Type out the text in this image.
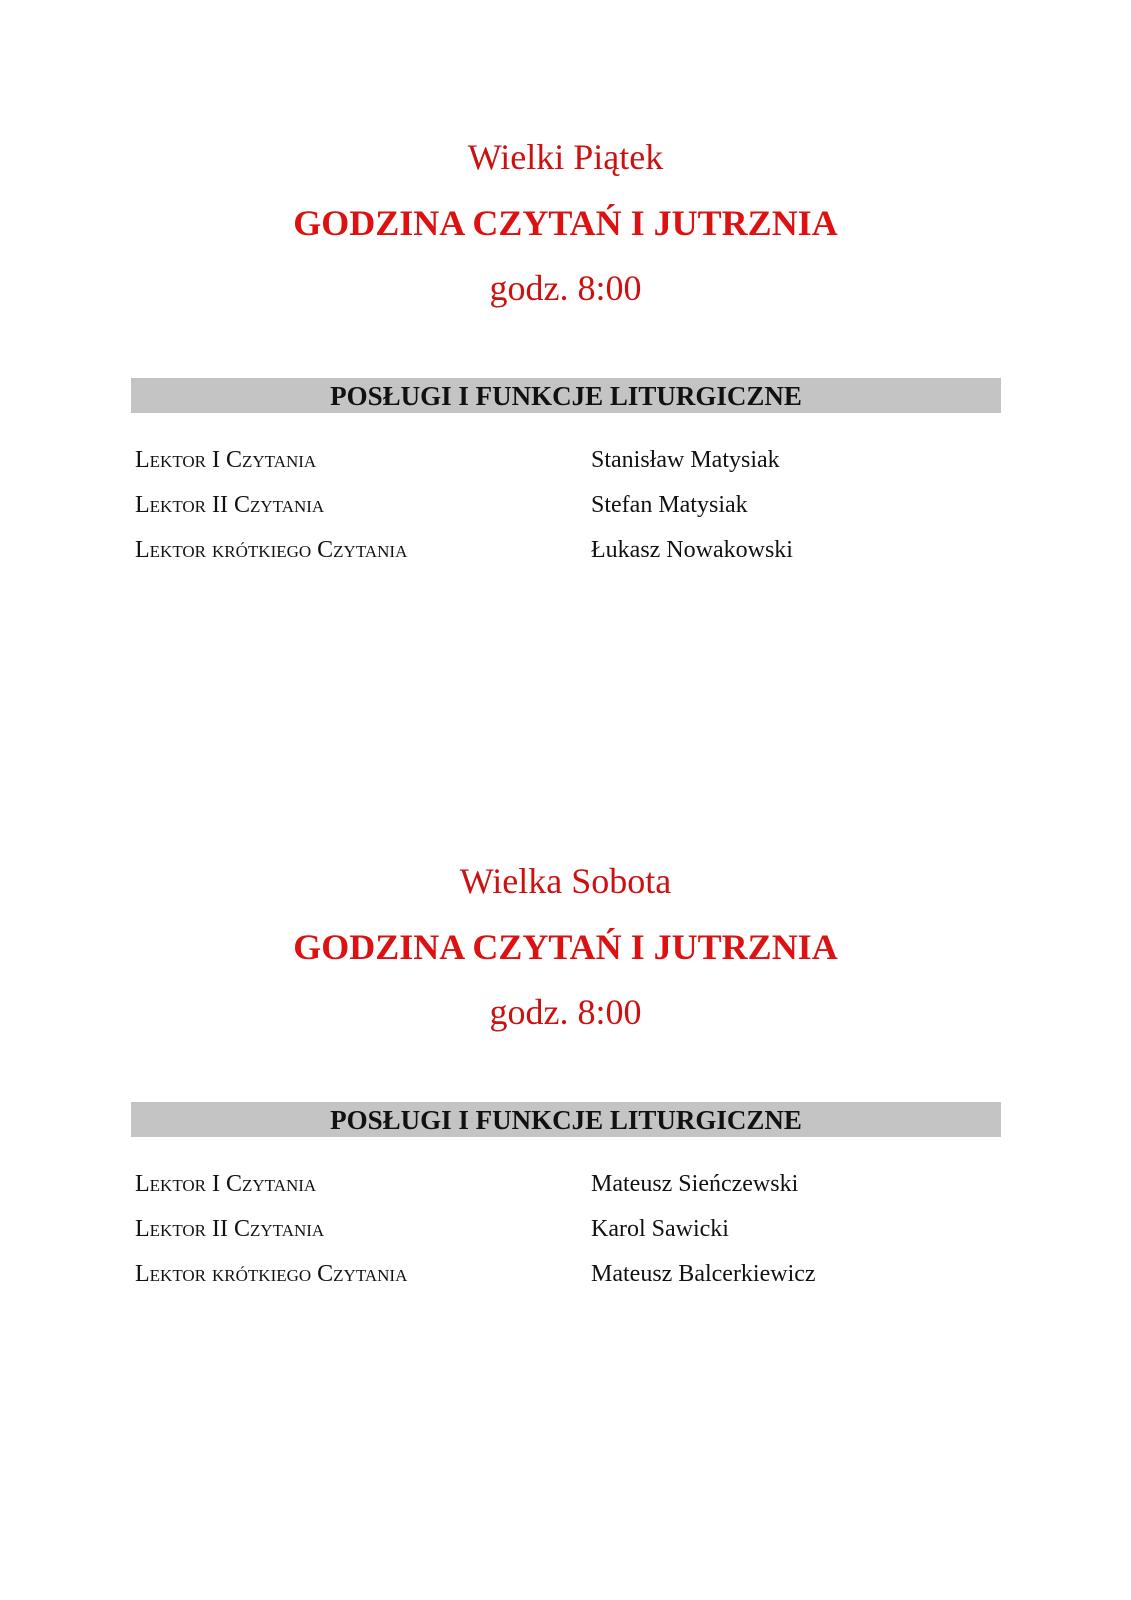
Wielki Piątek
GODZINA CZYTAŃ I JUTRZNIA
godz. 8:00
POSŁUGI I FUNKCJE LITURGICZNE
Lektor I Czytania	Stanisław Matysiak
Lektor II Czytania	Stefan Matysiak
Lektor krótkiego Czytania	Łukasz Nowakowski
Wielka Sobota
GODZINA CZYTAŃ I JUTRZNIA
godz. 8:00
POSŁUGI I FUNKCJE LITURGICZNE
Lektor I Czytania	Mateusz Sieńczewski
Lektor II Czytania	Karol Sawicki
Lektor krótkiego Czytania	Mateusz Balcerkiewicz
